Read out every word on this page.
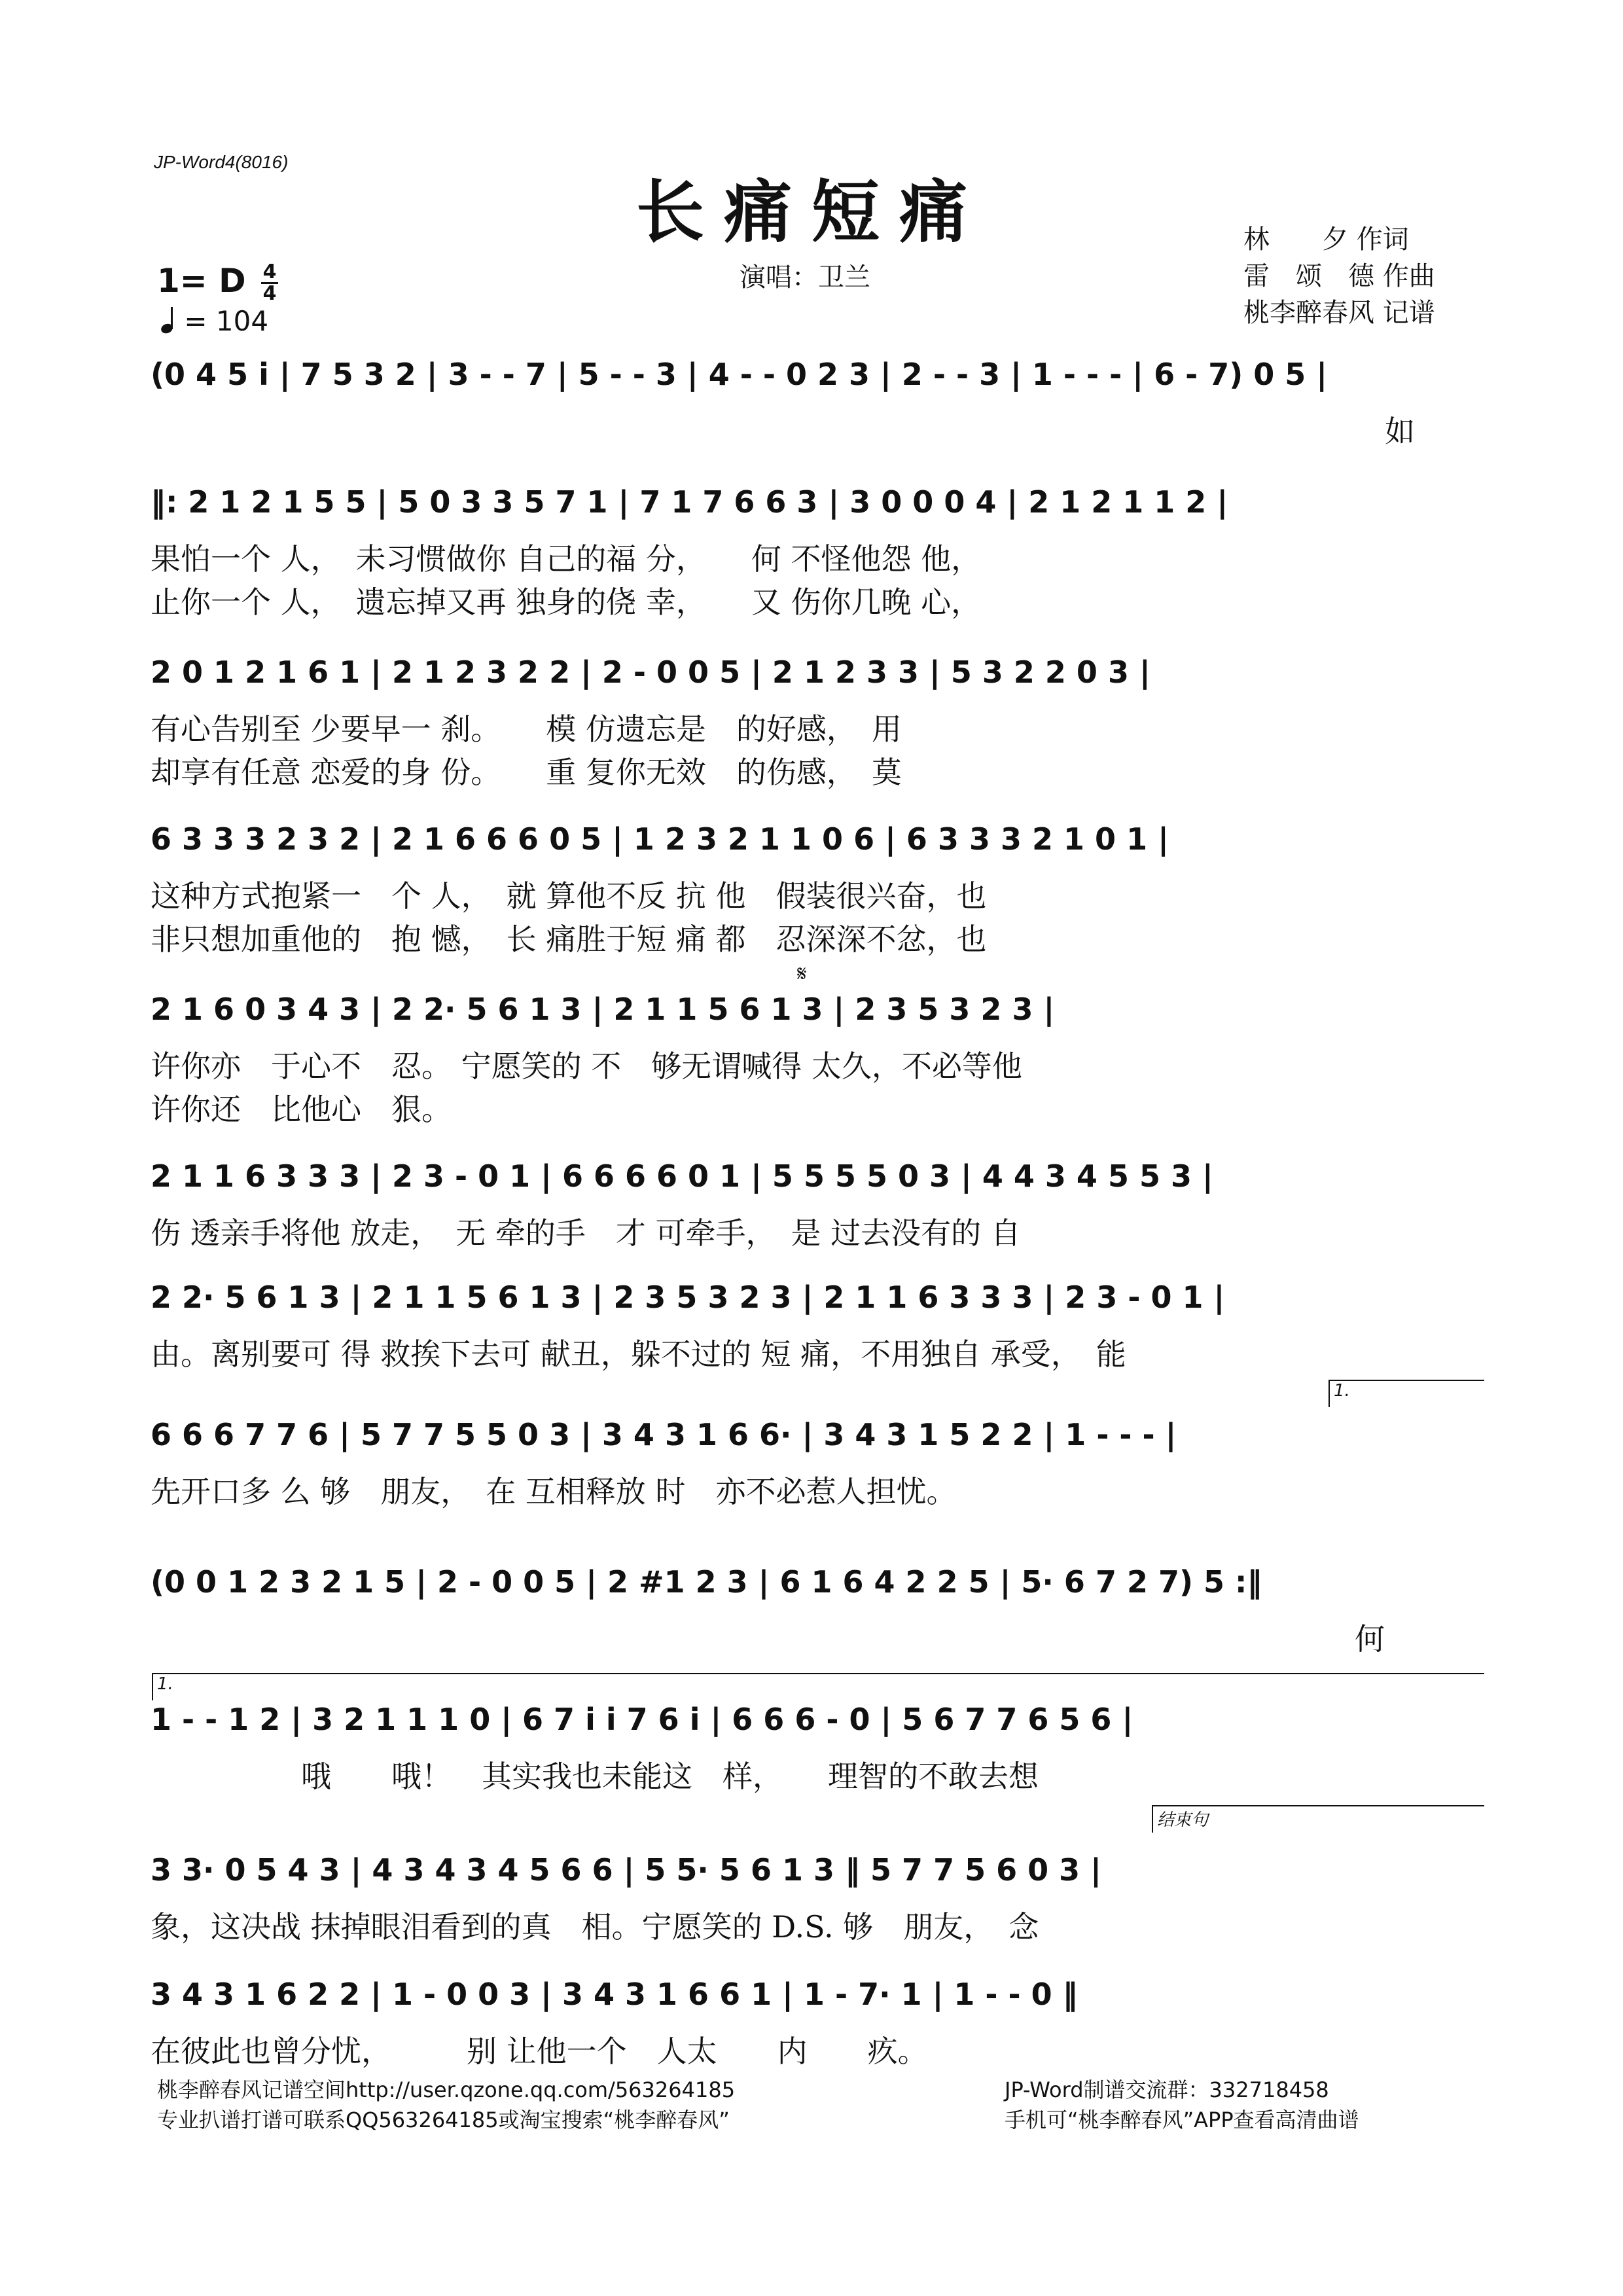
JP-Word4(8016)
长痛短痛
演唱：卫兰
林　　夕 作词
雷　颂　德 作曲
桃李醉春风 记谱
1= D $\frac{4}{4}$
= 104
(0 4 5 i | 7 5 3 2 | 3 - - 7 | 5 - - 3 | 4 - - 0 2 3 | 2 - - 3 | 1 - - - | 6 - 7) 0 5 |
　　　　　　　　　　　　　　　　　　　　　　　　　　　　　　　　　　　　　　　　　如
‖: 2 1 2 1 5 5 | 5 0 3 3 5 7 1 | 7 1 7 6 6 3 | 3 0 0 0 4 | 2 1 2 1 1 2 |
果怕一个 人，　未习惯做你 自己的福 分，　　何 不怪他怨 他，
止你一个 人，　遗忘掉又再 独身的侥 幸，　　又 伤你几晚 心，
2 0 1 2 1 6 1 | 2 1 2 3 2 2 | 2 - 0 0 5 | 2 1 2 3 3 | 5 3 2 2 0 3 |
有心告别至 少要早一 刹。　　模 仿遗忘是　的好感，　用
却享有任意 恋爱的身 份。　　重 复你无效　的伤感，　莫
6 3 3 3 2 3 2 | 2 1 6 6 6 0 5 | 1 2 3 2 1 1 0 6 | 6 3 3 3 2 1 0 1 |
这种方式抱紧一　个 人，　就 算他不反 抗 他　假装很兴奋，也
非只想加重他的　抱 憾，　长 痛胜于短 痛 都　忍深深不忿，也
2 1 6 0 3 4 3 | 2 2· 5 6 1 3 | 2 1 1 5 6 1 3 | 2 3 5 3 2 3 |
许你亦　于心不　忍。 宁愿笑的 不　够无谓喊得 太久，不必等他
许你还　比他心　狠。
2 1 1 6 3 3 3 | 2 3 - 0 1 | 6 6 6 6 0 1 | 5 5 5 5 0 3 | 4 4 3 4 5 5 3 |
伤 透亲手将他 放走，　无 牵的手　才 可牵手，　是 过去没有的 自
2 2· 5 6 1 3 | 2 1 1 5 6 1 3 | 2 3 5 3 2 3 | 2 1 1 6 3 3 3 | 2 3 - 0 1 |
由。离别要可 得 救挨下去可 献丑，躲不过的 短 痛，不用独自 承受，　能
6 6 6 7 7 6 | 5 7 7 5 5 0 3 | 3 4 3 1 6 6· | 3 4 3 1 5 2 2 | 1 - - - |
先开口多 么 够　朋友，　在 互相释放 时　亦不必惹人担忧。
(0 0 1 2 3 2 1 5 | 2 - 0 0 5 | 2 #1 2 3 | 6 1 6 4 2 2 5 | 5· 6 7 2 7) 5 :‖
　　　　　　　　　　　　　　　　　　　　　　　　　　　　　　　　　　　　　　　　何
1 - - 1 2 | 3 2 1 1 1 0 | 6 7 i i 7 6 i | 6 6 6 - 0 | 5 6 7 7 6 5 6 |
　　　　　哦　　哦！　其实我也未能这　样，　　理智的不敢去想
3 3· 0 5 4 3 | 4 3 4 3 4 5 6 6 | 5 5· 5 6 1 3 ‖ 5 7 7 5 6 0 3 |
象，这决战 抹掉眼泪看到的真　相。宁愿笑的 D.S. 够　朋友，　念
3 4 3 1 6 2 2 | 1 - 0 0 3 | 3 4 3 1 6 6 1 | 1 - 7· 1 | 1 - - 0 ‖
在彼此也曾分忧，　　　别 让他一个　人太　　内　　疚。
𝄋
1.
1.
结束句
桃李醉春风记谱空间http://user.qzone.qq.com/563264185
专业扒谱打谱可联系QQ563264185或淘宝搜索“桃李醉春风”
JP-Word制谱交流群：332718458
手机可“桃李醉春风”APP查看高清曲谱
